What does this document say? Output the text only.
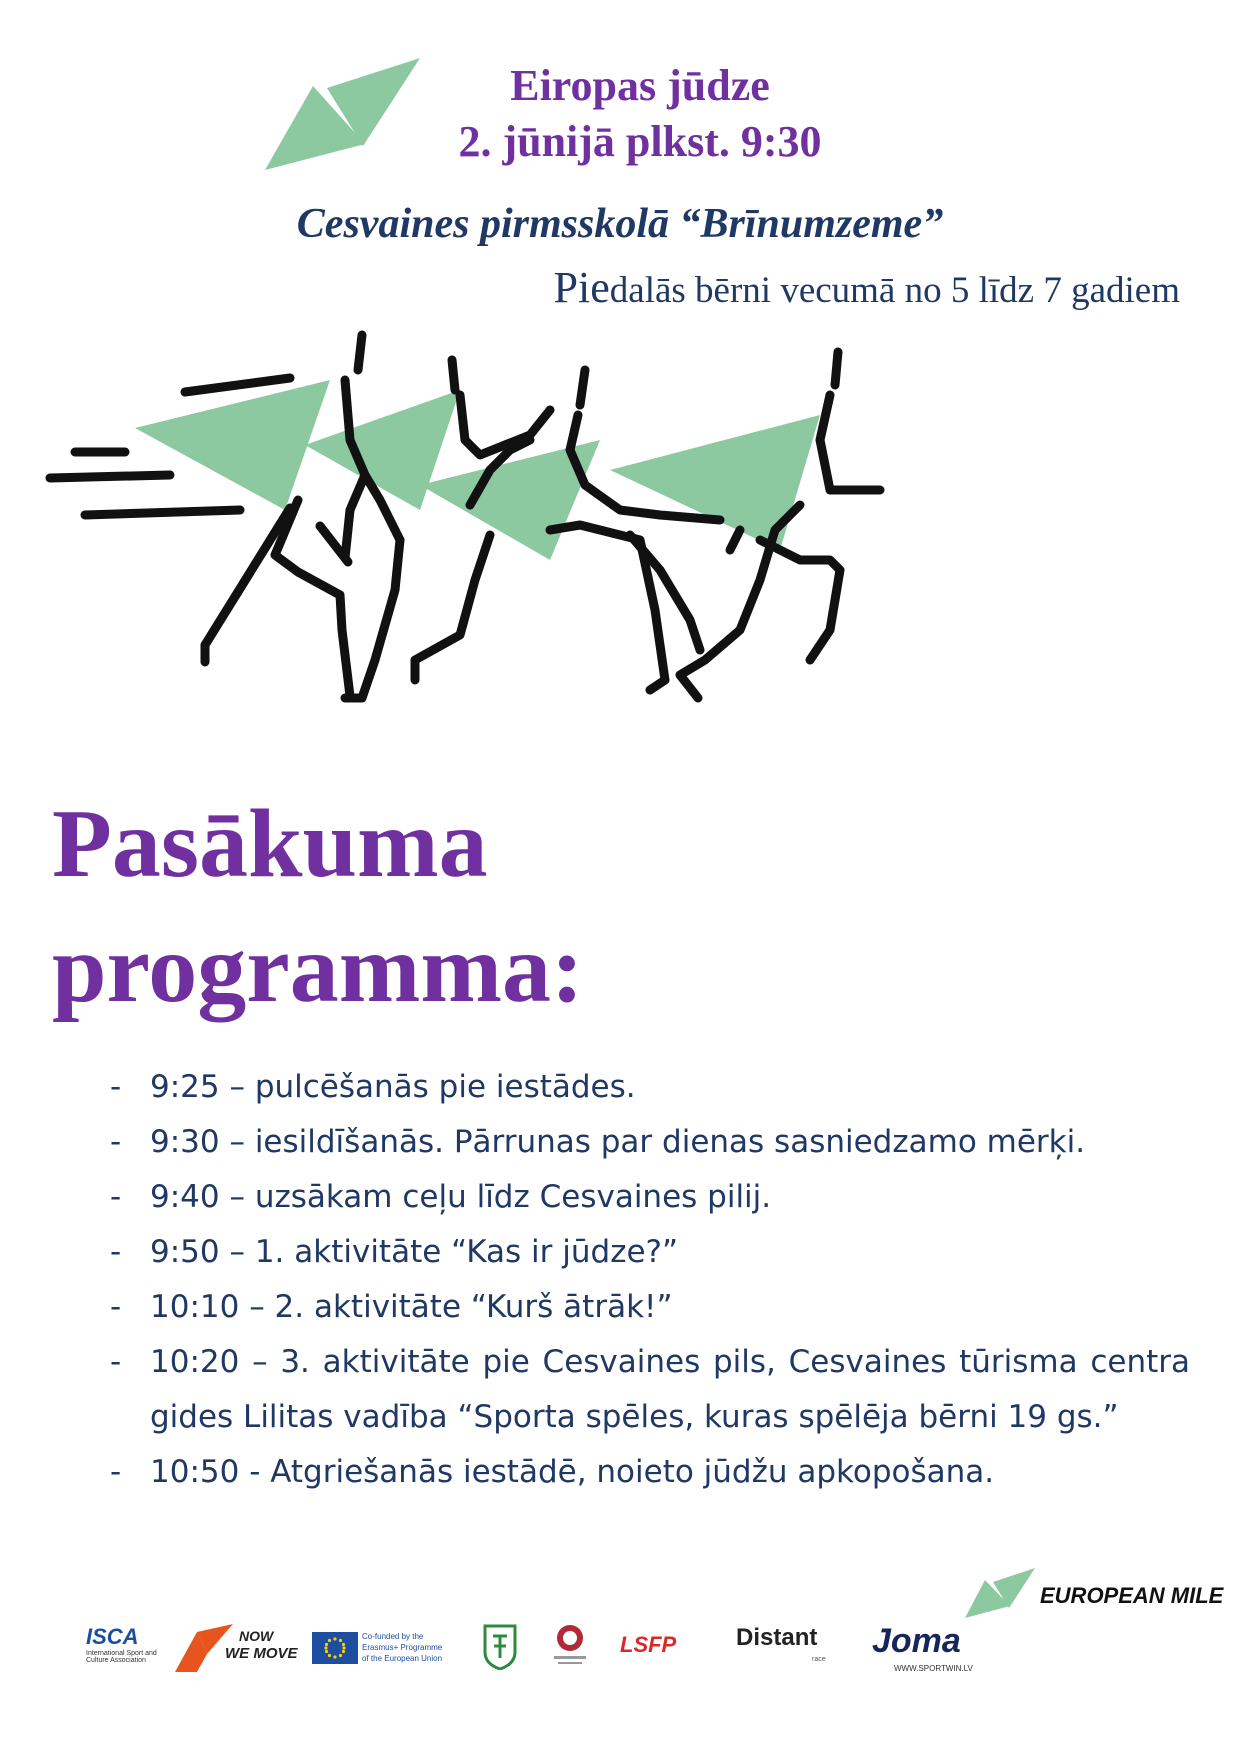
Eiropas jūdze
2. jūnijā plkst. 9:30
Cesvaines pirmsskolā “Brīnumzeme”
Piedalās bērni vecumā no 5 līdz 7 gadiem
Pasākuma
programma:
- 9:25 – pulcēšanās pie iestādes.
- 9:30 – iesildīšanās. Pārrunas par dienas sasniedzamo mērķi.
- 9:40 – uzsākam ceļu līdz Cesvaines pilij.
- 9:50 – 1. aktivitāte “Kas ir jūdze?”
- 10:10 – 2. aktivitāte “Kurš ātrāk!”
- 10:20 – 3. aktivitāte pie Cesvaines pils, Cesvaines tūrisma centra gides Lilitas vadība “Sporta spēles, kuras spēlēja bērni 19 gs.”
- 10:50 - Atgriešanās iestādē, noieto jūdžu apkopošana.
EUROPEAN MILE
ISCA
International Sport and
Culture Association
NOW
WE MOVE
Co-funded by the
Erasmus+ Programme
of the European Union
LSFP Distant
race Joma
WWW.SPORTWIN.LV
